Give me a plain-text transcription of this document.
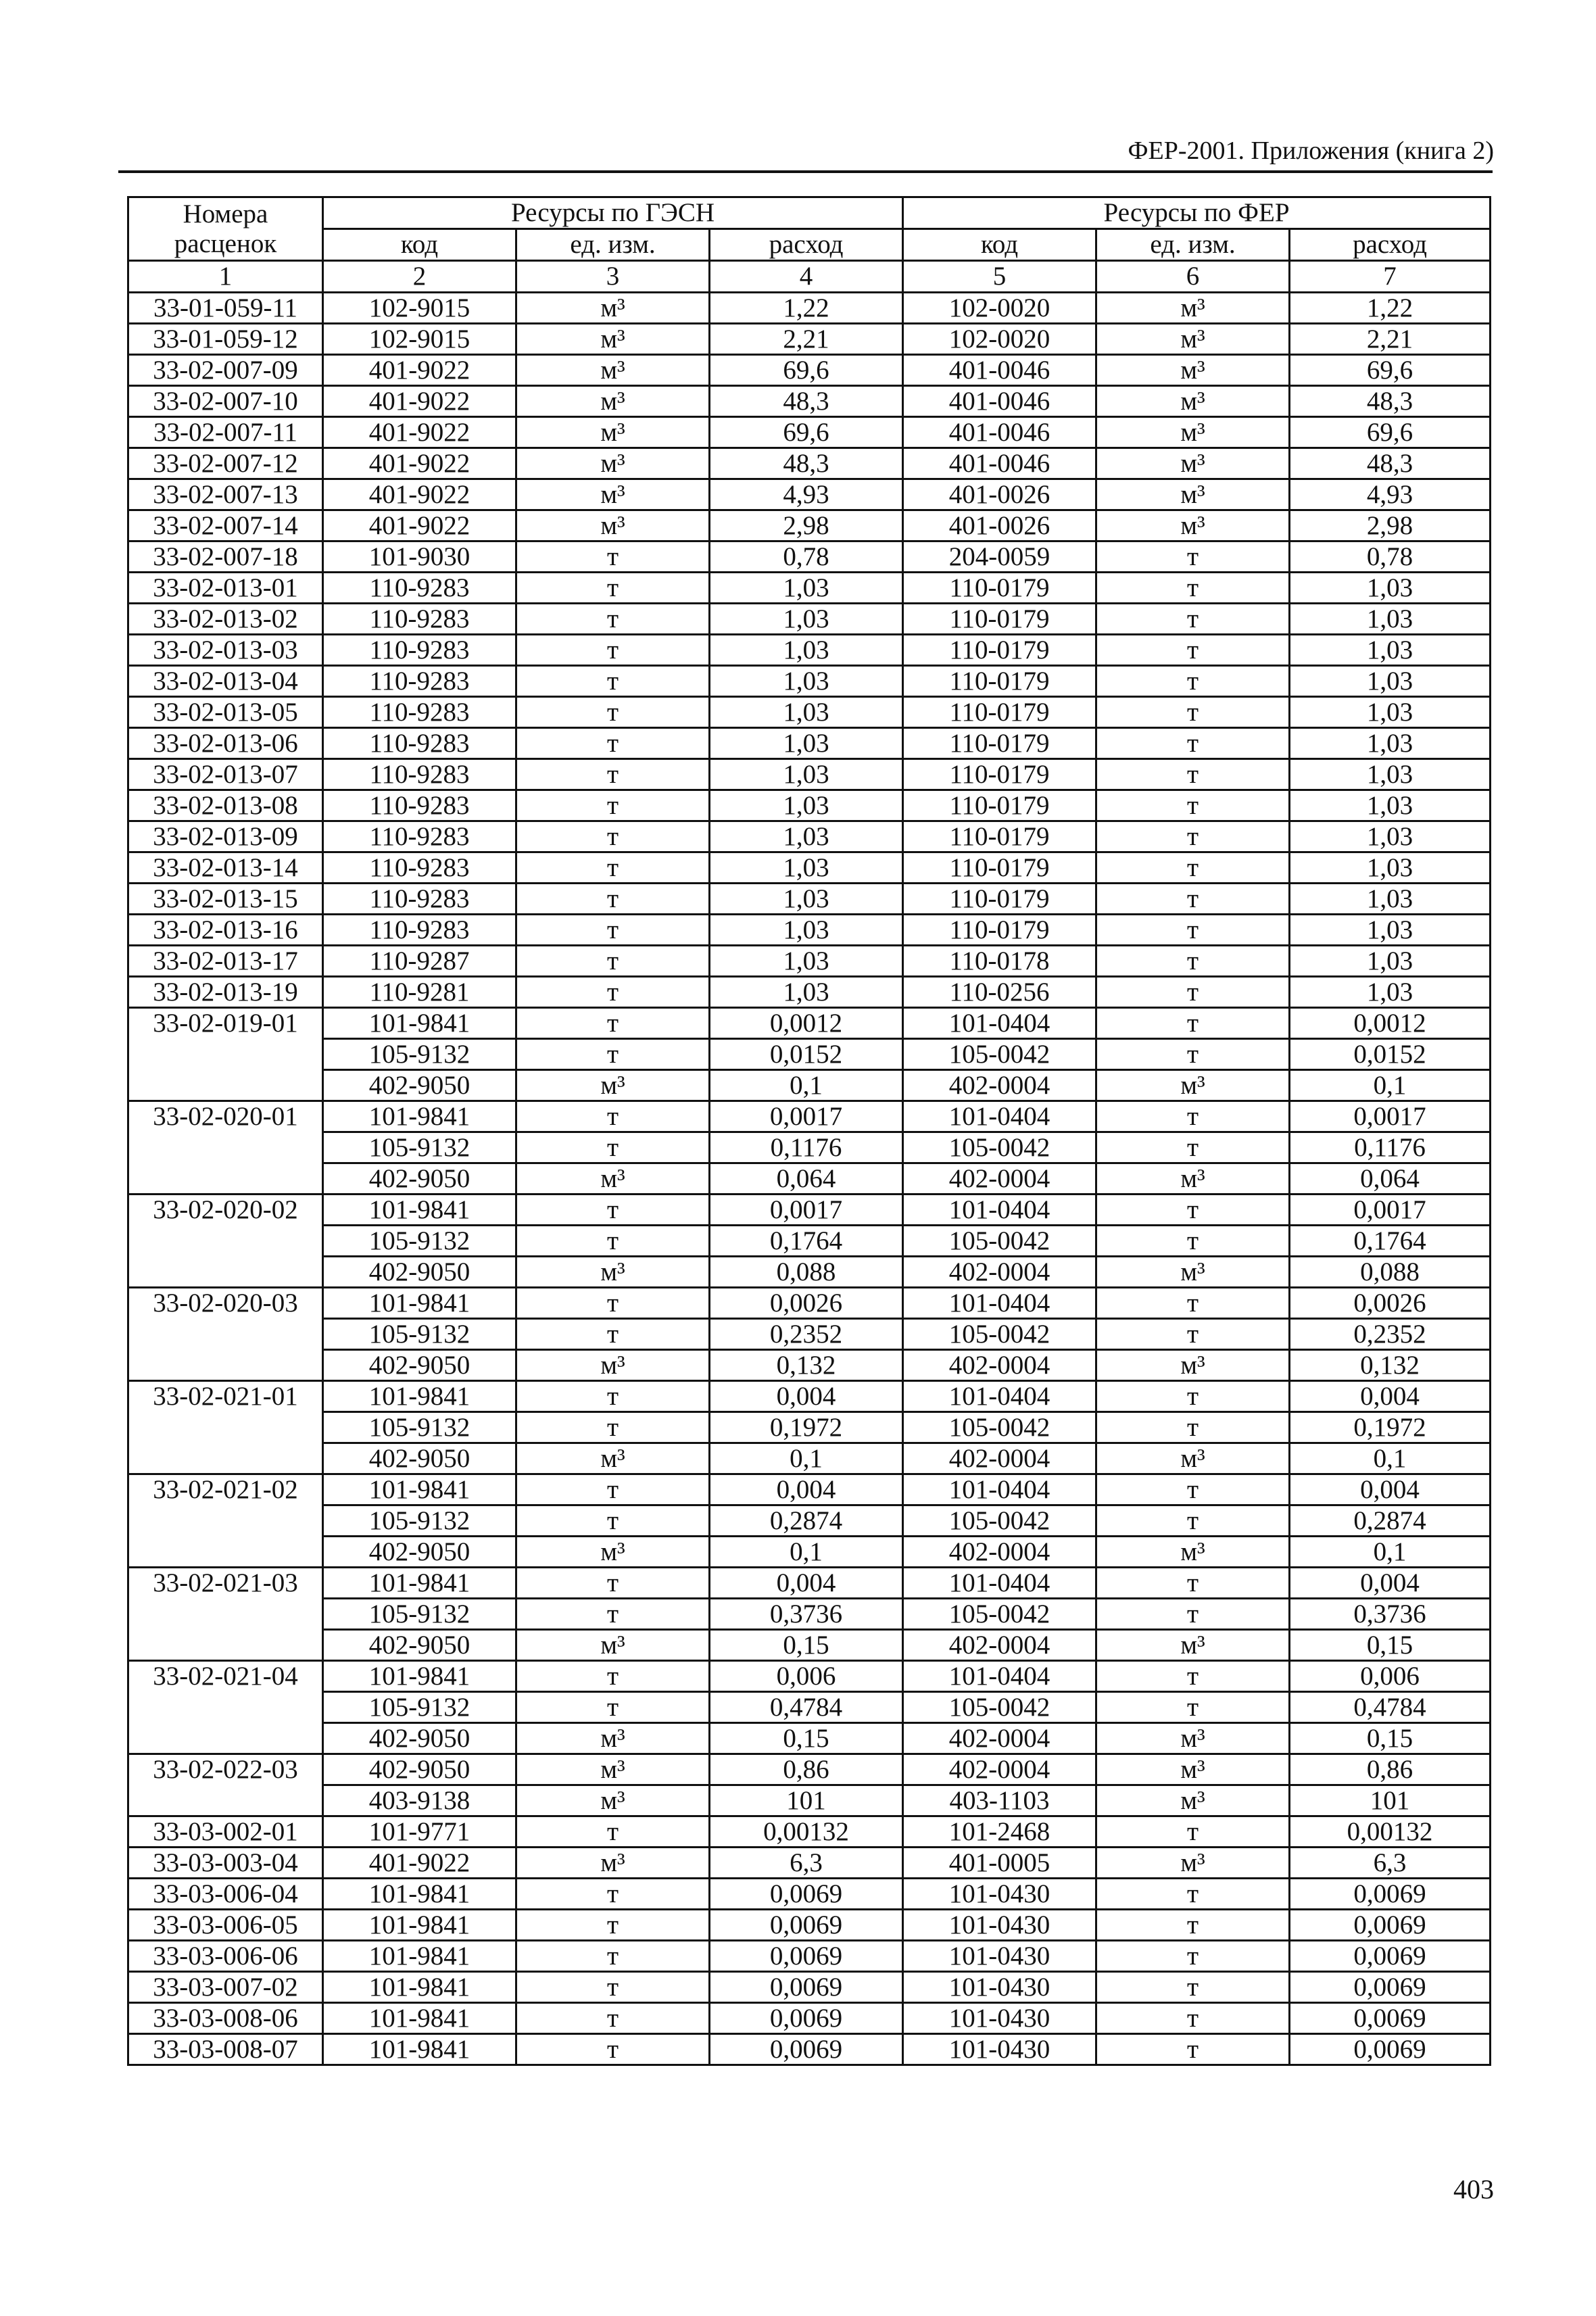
ФЕР-2001. Приложения (книга 2)
Номера расценок	Ресурсы по ГЭСН			Ресурсы по ФЕР		
	код	ед. изм.	расход	код	ед. изм.	расход
1	2	3	4	5	6	7
33-01-059-11	102-9015	м³	1,22	102-0020	м³	1,22
33-01-059-12	102-9015	м³	2,21	102-0020	м³	2,21
33-02-007-09	401-9022	м³	69,6	401-0046	м³	69,6
33-02-007-10	401-9022	м³	48,3	401-0046	м³	48,3
33-02-007-11	401-9022	м³	69,6	401-0046	м³	69,6
33-02-007-12	401-9022	м³	48,3	401-0046	м³	48,3
33-02-007-13	401-9022	м³	4,93	401-0026	м³	4,93
33-02-007-14	401-9022	м³	2,98	401-0026	м³	2,98
33-02-007-18	101-9030	т	0,78	204-0059	т	0,78
33-02-013-01	110-9283	т	1,03	110-0179	т	1,03
33-02-013-02	110-9283	т	1,03	110-0179	т	1,03
33-02-013-03	110-9283	т	1,03	110-0179	т	1,03
33-02-013-04	110-9283	т	1,03	110-0179	т	1,03
33-02-013-05	110-9283	т	1,03	110-0179	т	1,03
33-02-013-06	110-9283	т	1,03	110-0179	т	1,03
33-02-013-07	110-9283	т	1,03	110-0179	т	1,03
33-02-013-08	110-9283	т	1,03	110-0179	т	1,03
33-02-013-09	110-9283	т	1,03	110-0179	т	1,03
33-02-013-14	110-9283	т	1,03	110-0179	т	1,03
33-02-013-15	110-9283	т	1,03	110-0179	т	1,03
33-02-013-16	110-9283	т	1,03	110-0179	т	1,03
33-02-013-17	110-9287	т	1,03	110-0178	т	1,03
33-02-013-19	110-9281	т	1,03	110-0256	т	1,03
33-02-019-01	101-9841	т	0,0012	101-0404	т	0,0012
	105-9132	т	0,0152	105-0042	т	0,0152
	402-9050	м³	0,1	402-0004	м³	0,1
33-02-020-01	101-9841	т	0,0017	101-0404	т	0,0017
	105-9132	т	0,1176	105-0042	т	0,1176
	402-9050	м³	0,064	402-0004	м³	0,064
33-02-020-02	101-9841	т	0,0017	101-0404	т	0,0017
	105-9132	т	0,1764	105-0042	т	0,1764
	402-9050	м³	0,088	402-0004	м³	0,088
33-02-020-03	101-9841	т	0,0026	101-0404	т	0,0026
	105-9132	т	0,2352	105-0042	т	0,2352
	402-9050	м³	0,132	402-0004	м³	0,132
33-02-021-01	101-9841	т	0,004	101-0404	т	0,004
	105-9132	т	0,1972	105-0042	т	0,1972
	402-9050	м³	0,1	402-0004	м³	0,1
33-02-021-02	101-9841	т	0,004	101-0404	т	0,004
	105-9132	т	0,2874	105-0042	т	0,2874
	402-9050	м³	0,1	402-0004	м³	0,1
33-02-021-03	101-9841	т	0,004	101-0404	т	0,004
	105-9132	т	0,3736	105-0042	т	0,3736
	402-9050	м³	0,15	402-0004	м³	0,15
33-02-021-04	101-9841	т	0,006	101-0404	т	0,006
	105-9132	т	0,4784	105-0042	т	0,4784
	402-9050	м³	0,15	402-0004	м³	0,15
33-02-022-03	402-9050	м³	0,86	402-0004	м³	0,86
	403-9138	м³	101	403-1103	м³	101
33-03-002-01	101-9771	т	0,00132	101-2468	т	0,00132
33-03-003-04	401-9022	м³	6,3	401-0005	м³	6,3
33-03-006-04	101-9841	т	0,0069	101-0430	т	0,0069
33-03-006-05	101-9841	т	0,0069	101-0430	т	0,0069
33-03-006-06	101-9841	т	0,0069	101-0430	т	0,0069
33-03-007-02	101-9841	т	0,0069	101-0430	т	0,0069
33-03-008-06	101-9841	т	0,0069	101-0430	т	0,0069
33-03-008-07	101-9841	т	0,0069	101-0430	т	0,0069
403
